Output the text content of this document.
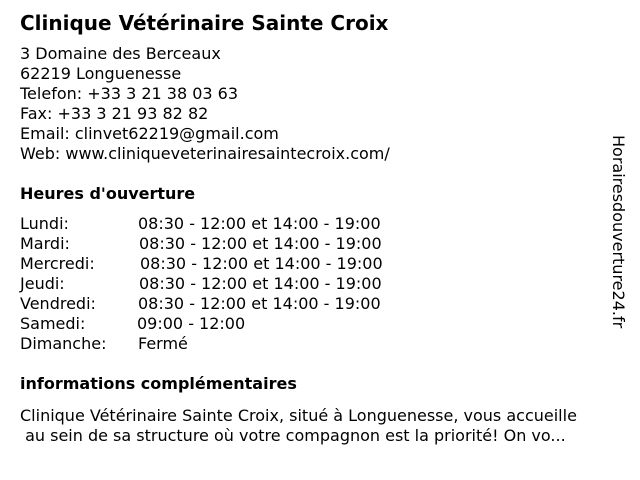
Clinique Vétérinaire Sainte Croix
3 Domaine des Berceaux
62219 Longuenesse
Telefon: +33 3 21 38 03 63
Fax: +33 3 21 93 82 82
Email: clinvet62219@gmail.com
Web: www.cliniqueveterinairesaintecroix.com/
Heures d'ouverture
Lundi:	08:30 - 12:00 et 14:00 - 19:00
Mardi:	08:30 - 12:00 et 14:00 - 19:00
Mercredi:	08:30 - 12:00 et 14:00 - 19:00
Jeudi:	08:30 - 12:00 et 14:00 - 19:00
Vendredi:	08:30 - 12:00 et 14:00 - 19:00
Samedi:	09:00 - 12:00
Dimanche: Fermé
informations complémentaires
Clinique Vétérinaire Sainte Croix, situé à Longuenesse, vous accueille
au sein de sa structure où votre compagnon est la priorité! On vo...
Horairesdouverture24.fr
